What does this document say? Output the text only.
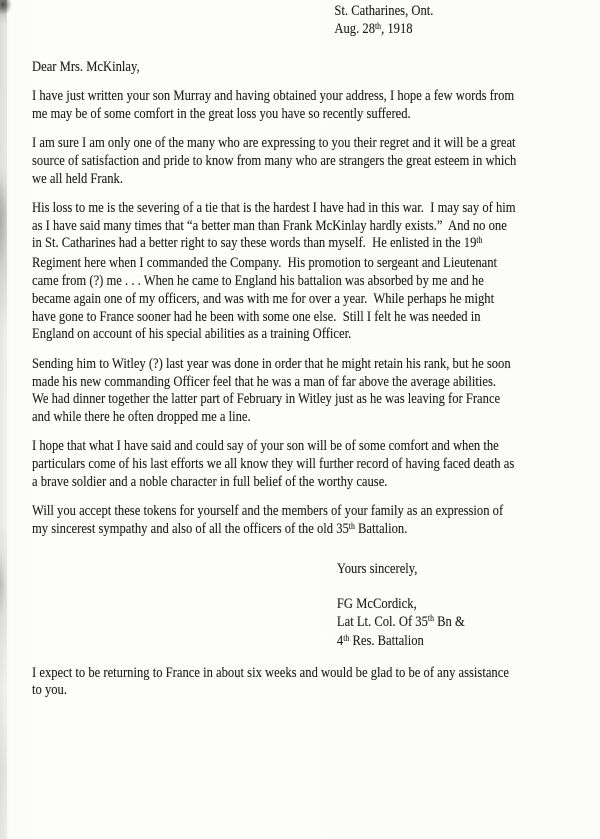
St. Catharines, Ont.
Aug. 28th, 1918
Dear Mrs. McKinlay,
I have just written your son Murray and having obtained your address, I hope a few words from
me may be of some comfort in the great loss you have so recently suffered.
I am sure I am only one of the many who are expressing to you their regret and it will be a great
source of satisfaction and pride to know from many who are strangers the great esteem in which
we all held Frank.
His loss to me is the severing of a tie that is the hardest I have had in this war.  I may say of him
as I have said many times that “a better man than Frank McKinlay hardly exists.”  And no one
in St. Catharines had a better right to say these words than myself.  He enlisted in the 19th
Regiment here when I commanded the Company.  His promotion to sergeant and Lieutenant
came from (?) me . . . When he came to England his battalion was absorbed by me and he
became again one of my officers, and was with me for over a year.  While perhaps he might
have gone to France sooner had he been with some one else.  Still I felt he was needed in
England on account of his special abilities as a training Officer.
Sending him to Witley (?) last year was done in order that he might retain his rank, but he soon
made his new commanding Officer feel that he was a man of far above the average abilities.
We had dinner together the latter part of February in Witley just as he was leaving for France
and while there he often dropped me a line.
I hope that what I have said and could say of your son will be of some comfort and when the
particulars come of his last efforts we all know they will further record of having faced death as
a brave soldier and a noble character in full belief of the worthy cause.
Will you accept these tokens for yourself and the members of your family as an expression of
my sincerest sympathy and also of all the officers of the old 35th Battalion.
Yours sincerely,
FG McCordick,
Lat Lt. Col. Of 35th Bn &
4th Res. Battalion
I expect to be returning to France in about six weeks and would be glad to be of any assistance
to you.
